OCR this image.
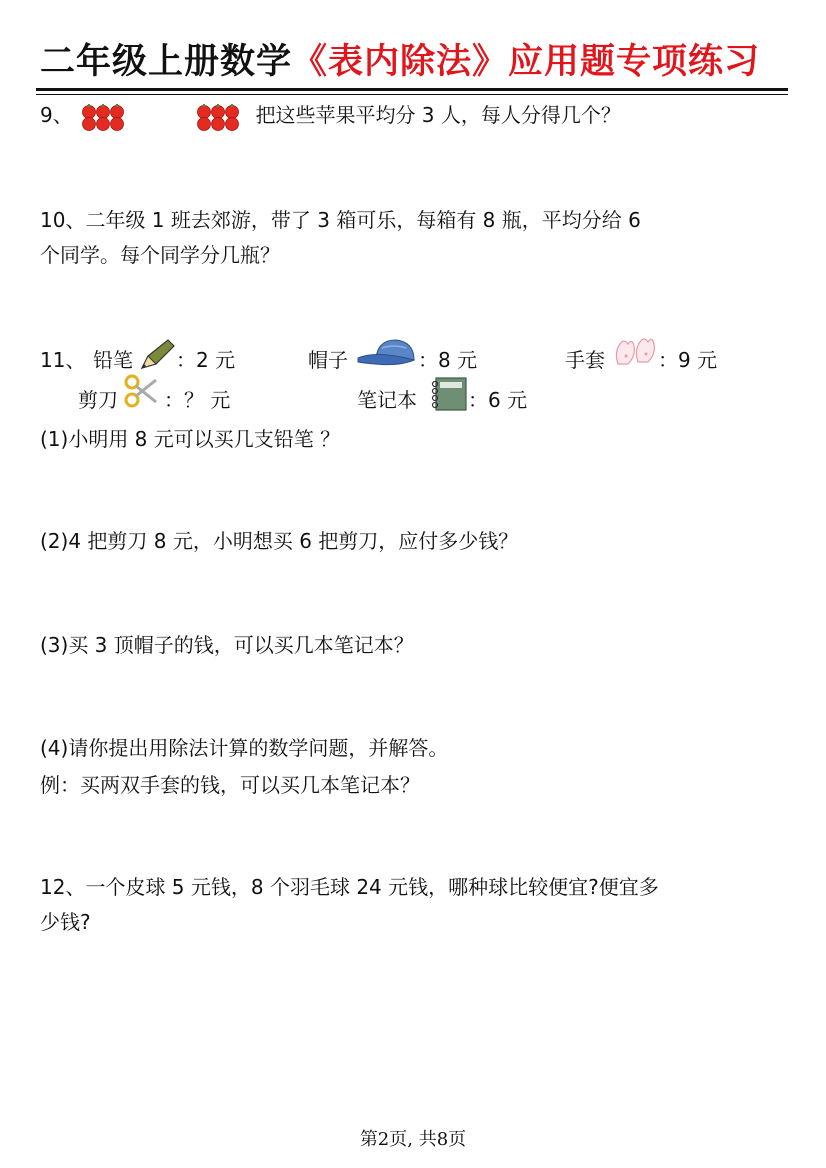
二年级上册数学《表内除法》应用题专项练习
9、	把这些苹果平均分 3 人，每人分得几个？
10、二年级 1 班去郊游，带了 3 箱可乐，每箱有 8 瓶，平均分给 6
个同学。每个同学分几瓶？
11、 铅笔 ：2 元	帽子	：8 元	手套	：9 元
剪刀 ：？ 元	笔记本	：6 元
(1)小明用 8 元可以买几支铅笔 ？
(2)4 把剪刀 8 元，小明想买 6 把剪刀，应付多少钱？
(3)买 3 顶帽子的钱，可以买几本笔记本？
(4)请你提出用除法计算的数学问题，并解答。
例：买两双手套的钱，可以买几本笔记本？
12、一个皮球 5 元钱，8 个羽毛球 24 元钱，哪种球比较便宜?便宜多
少钱?
第2页, 共8页
